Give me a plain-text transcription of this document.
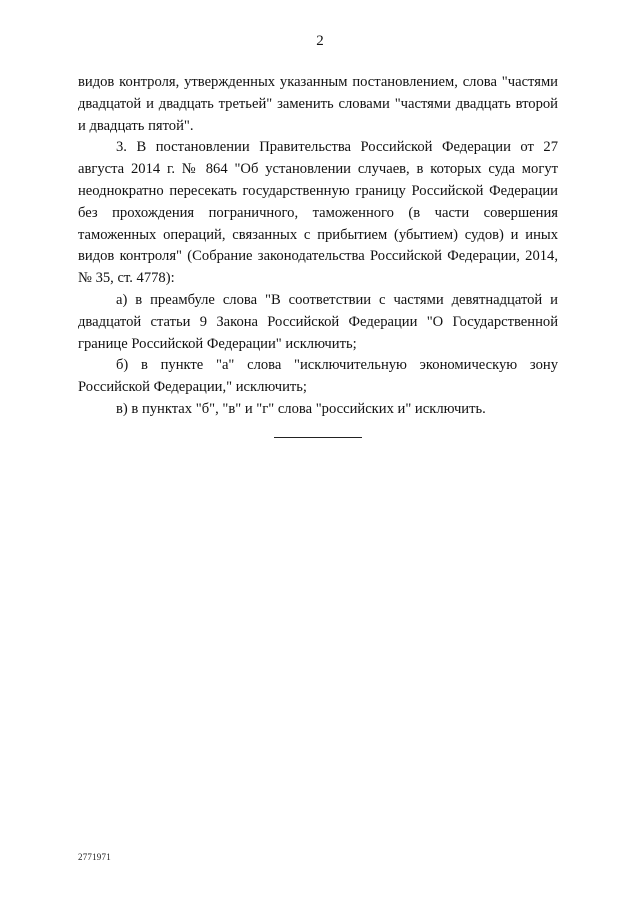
2

видов контроля, утвержденных указанным постановлением, слова "частями двадцатой и двадцать третьей" заменить словами "частями двадцать второй и двадцать пятой".

3. В постановлении Правительства Российской Федерации от 27 августа 2014 г. № 864 "Об установлении случаев, в которых суда могут неоднократно пересекать государственную границу Российской Федерации без прохождения пограничного, таможенного (в части совершения таможенных операций, связанных с прибытием (убытием) судов) и иных видов контроля" (Собрание законодательства Российской Федерации, 2014, № 35, ст. 4778):

а) в преамбуле слова "В соответствии с частями девятнадцатой и двадцатой статьи 9 Закона Российской Федерации "О Государственной границе Российской Федерации" исключить;

б) в пункте "а" слова "исключительную экономическую зону Российской Федерации," исключить;

в) в пунктах "б", "в" и "г" слова "российских и" исключить.

2771971
